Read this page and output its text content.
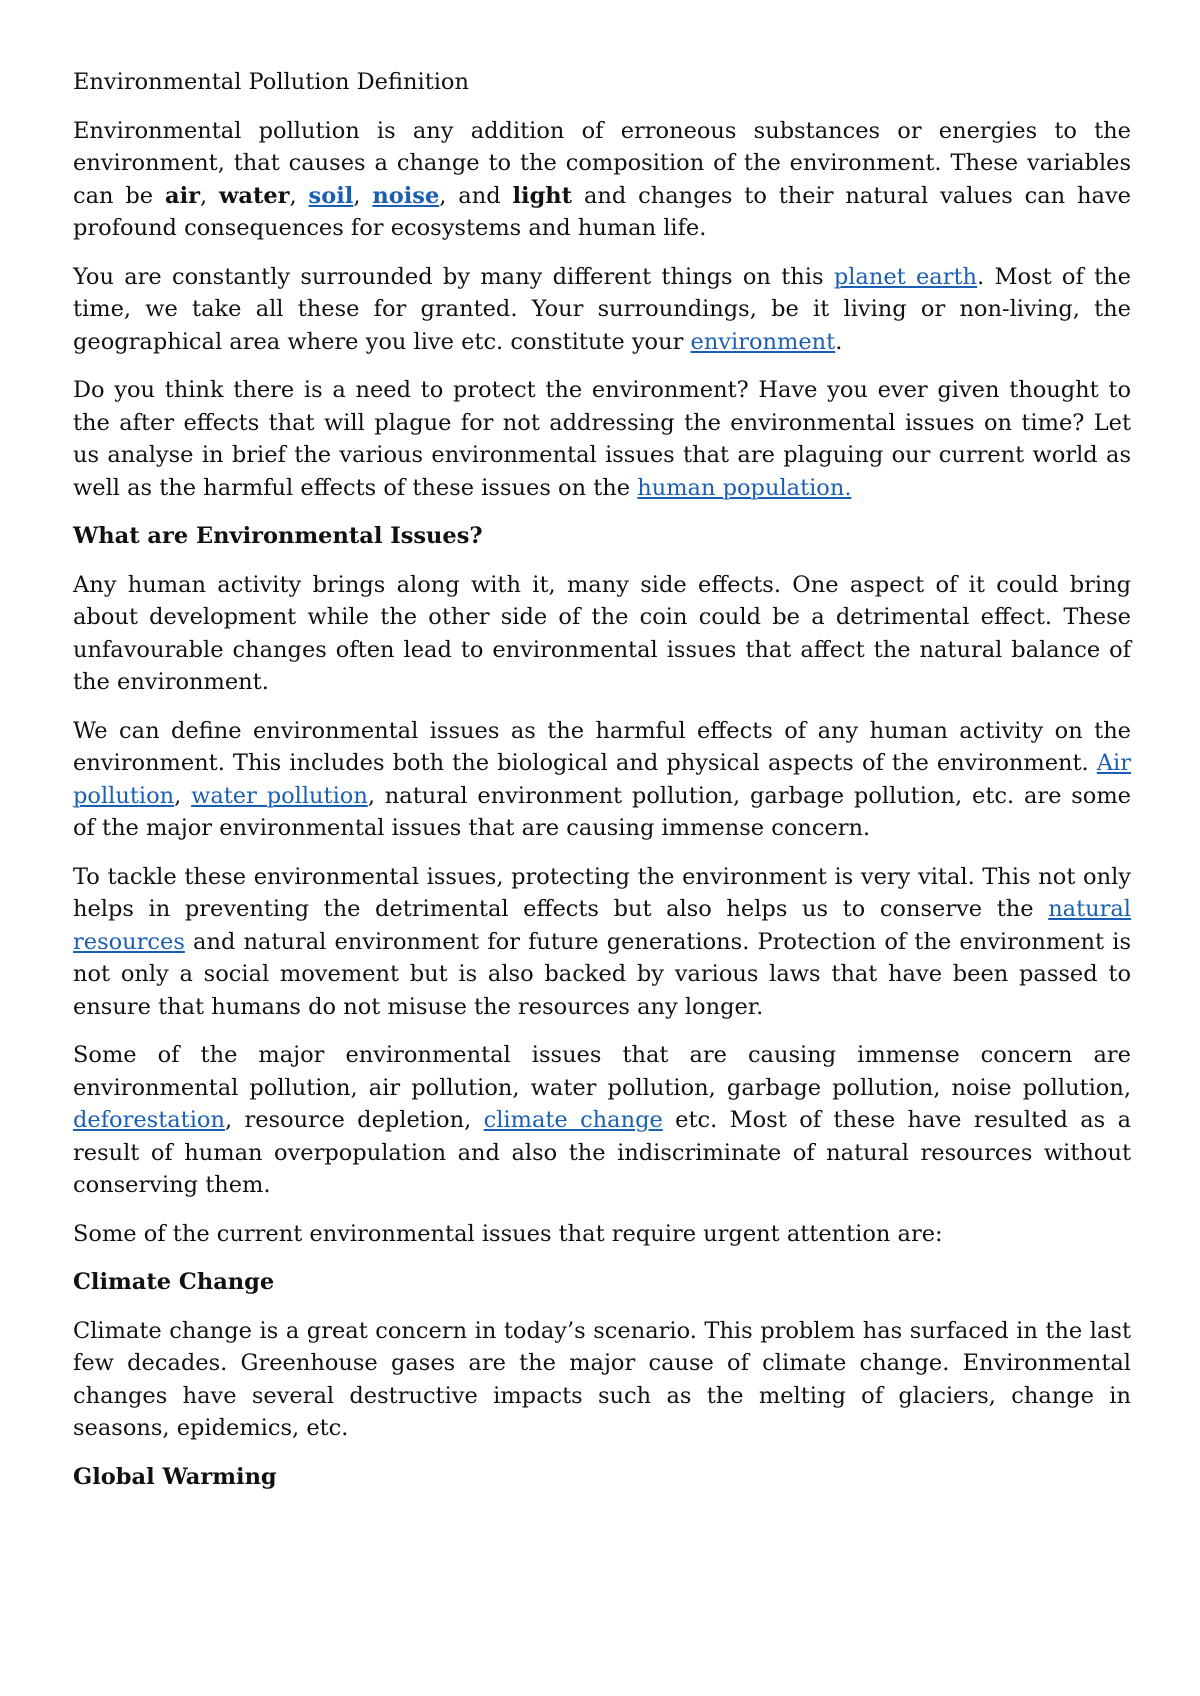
Environmental Pollution Definition

Environmental pollution is any addition of erroneous substances or energies to the environment, that causes a change to the composition of the environment. These variables can be air, water, soil, noise, and light and changes to their natural values can have profound consequences for ecosystems and human life.

You are constantly surrounded by many different things on this planet earth. Most of the time, we take all these for granted. Your surroundings, be it living or non-living, the geographical area where you live etc. constitute your environment.

Do you think there is a need to protect the environment? Have you ever given thought to the after effects that will plague for not addressing the environmental issues on time? Let us analyse in brief the various environmental issues that are plaguing our current world as well as the harmful effects of these issues on the human population.

What are Environmental Issues?

Any human activity brings along with it, many side effects. One aspect of it could bring about development while the other side of the coin could be a detrimental effect. These unfavourable changes often lead to environmental issues that affect the natural balance of the environment.

We can define environmental issues as the harmful effects of any human activity on the environment. This includes both the biological and physical aspects of the environment. Air pollution, water pollution, natural environment pollution, garbage pollution, etc. are some of the major environmental issues that are causing immense concern.

To tackle these environmental issues, protecting the environment is very vital. This not only helps in preventing the detrimental effects but also helps us to conserve the natural resources and natural environment for future generations. Protection of the environment is not only a social movement but is also backed by various laws that have been passed to ensure that humans do not misuse the resources any longer.

Some of the major environmental issues that are causing immense concern are environmental pollution, air pollution, water pollution, garbage pollution, noise pollution, deforestation, resource depletion, climate change etc. Most of these have resulted as a result of human overpopulation and also the indiscriminate of natural resources without conserving them.

Some of the current environmental issues that require urgent attention are:

Climate Change

Climate change is a great concern in today’s scenario. This problem has surfaced in the last few decades. Greenhouse gases are the major cause of climate change. Environmental changes have several destructive impacts such as the melting of glaciers, change in seasons, epidemics, etc.

Global Warming
